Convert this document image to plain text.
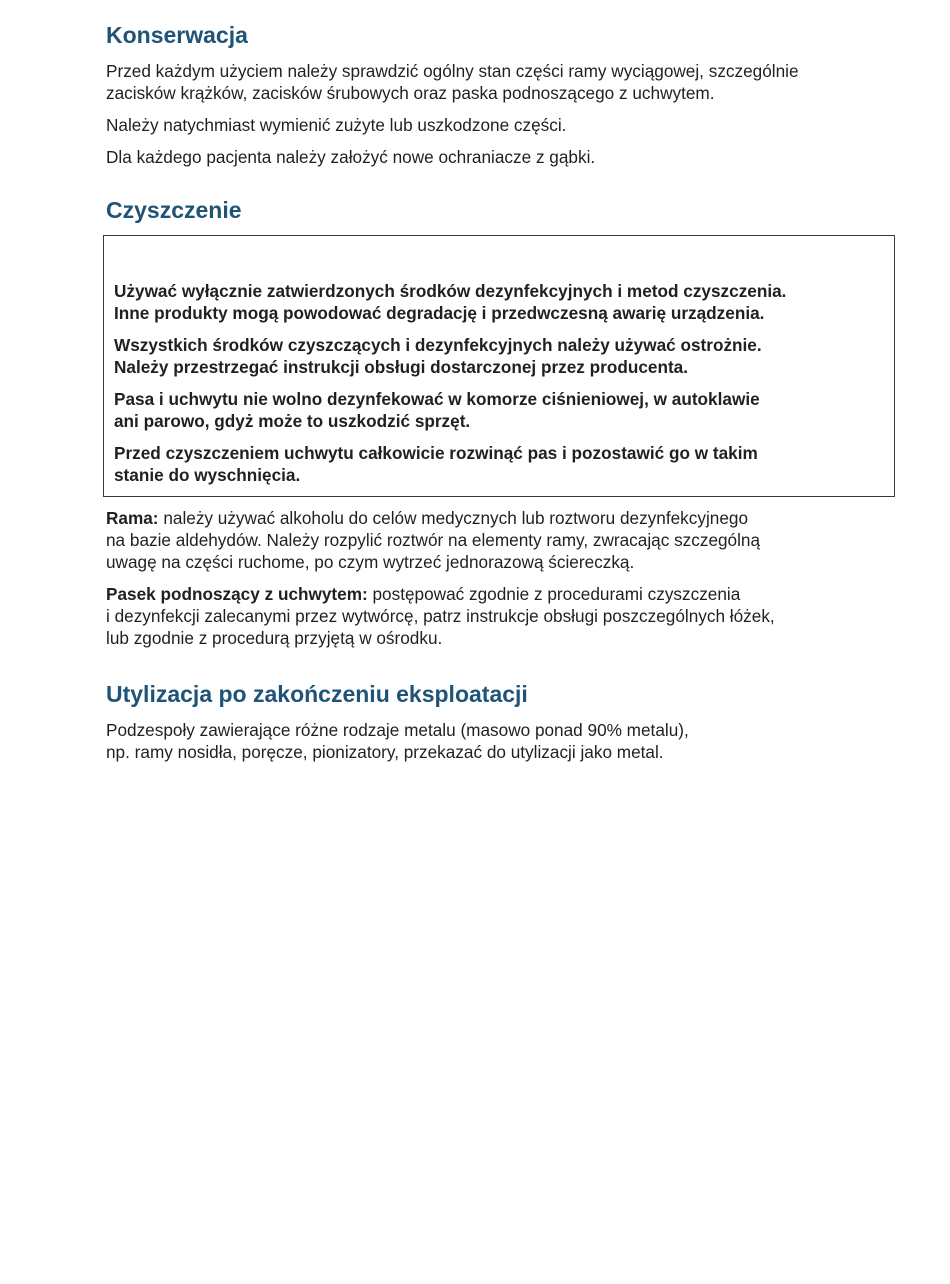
Konserwacja

Przed każdym użyciem należy sprawdzić ogólny stan części ramy wyciągowej, szczególnie
zacisków krążków, zacisków śrubowych oraz paska podnoszącego z uchwytem.

Należy natychmiast wymienić zużyte lub uszkodzone części.

Dla każdego pacjenta należy założyć nowe ochraniacze z gąbki.

Czyszczenie

Używać wyłącznie zatwierdzonych środków dezynfekcyjnych i metod czyszczenia.
Inne produkty mogą powodować degradację i przedwczesną awarię urządzenia.

Wszystkich środków czyszczących i dezynfekcyjnych należy używać ostrożnie.
Należy przestrzegać instrukcji obsługi dostarczonej przez producenta.

Pasa i uchwytu nie wolno dezynfekować w komorze ciśnieniowej, w autoklawie
ani parowo, gdyż może to uszkodzić sprzęt.

Przed czyszczeniem uchwytu całkowicie rozwinąć pas i pozostawić go w takim
stanie do wyschnięcia.

Rama: należy używać alkoholu do celów medycznych lub roztworu dezynfekcyjnego
na bazie aldehydów. Należy rozpylić roztwór na elementy ramy, zwracając szczególną
uwagę na części ruchome, po czym wytrzeć jednorazową ściereczką.

Pasek podnoszący z uchwytem: postępować zgodnie z procedurami czyszczenia
i dezynfekcji zalecanymi przez wytwórcę, patrz instrukcje obsługi poszczególnych łóżek,
lub zgodnie z procedurą przyjętą w ośrodku.

Utylizacja po zakończeniu eksploatacji

Podzespoły zawierające różne rodzaje metalu (masowo ponad 90% metalu),
np. ramy nosidła, poręcze, pionizatory, przekazać do utylizacji jako metal.
